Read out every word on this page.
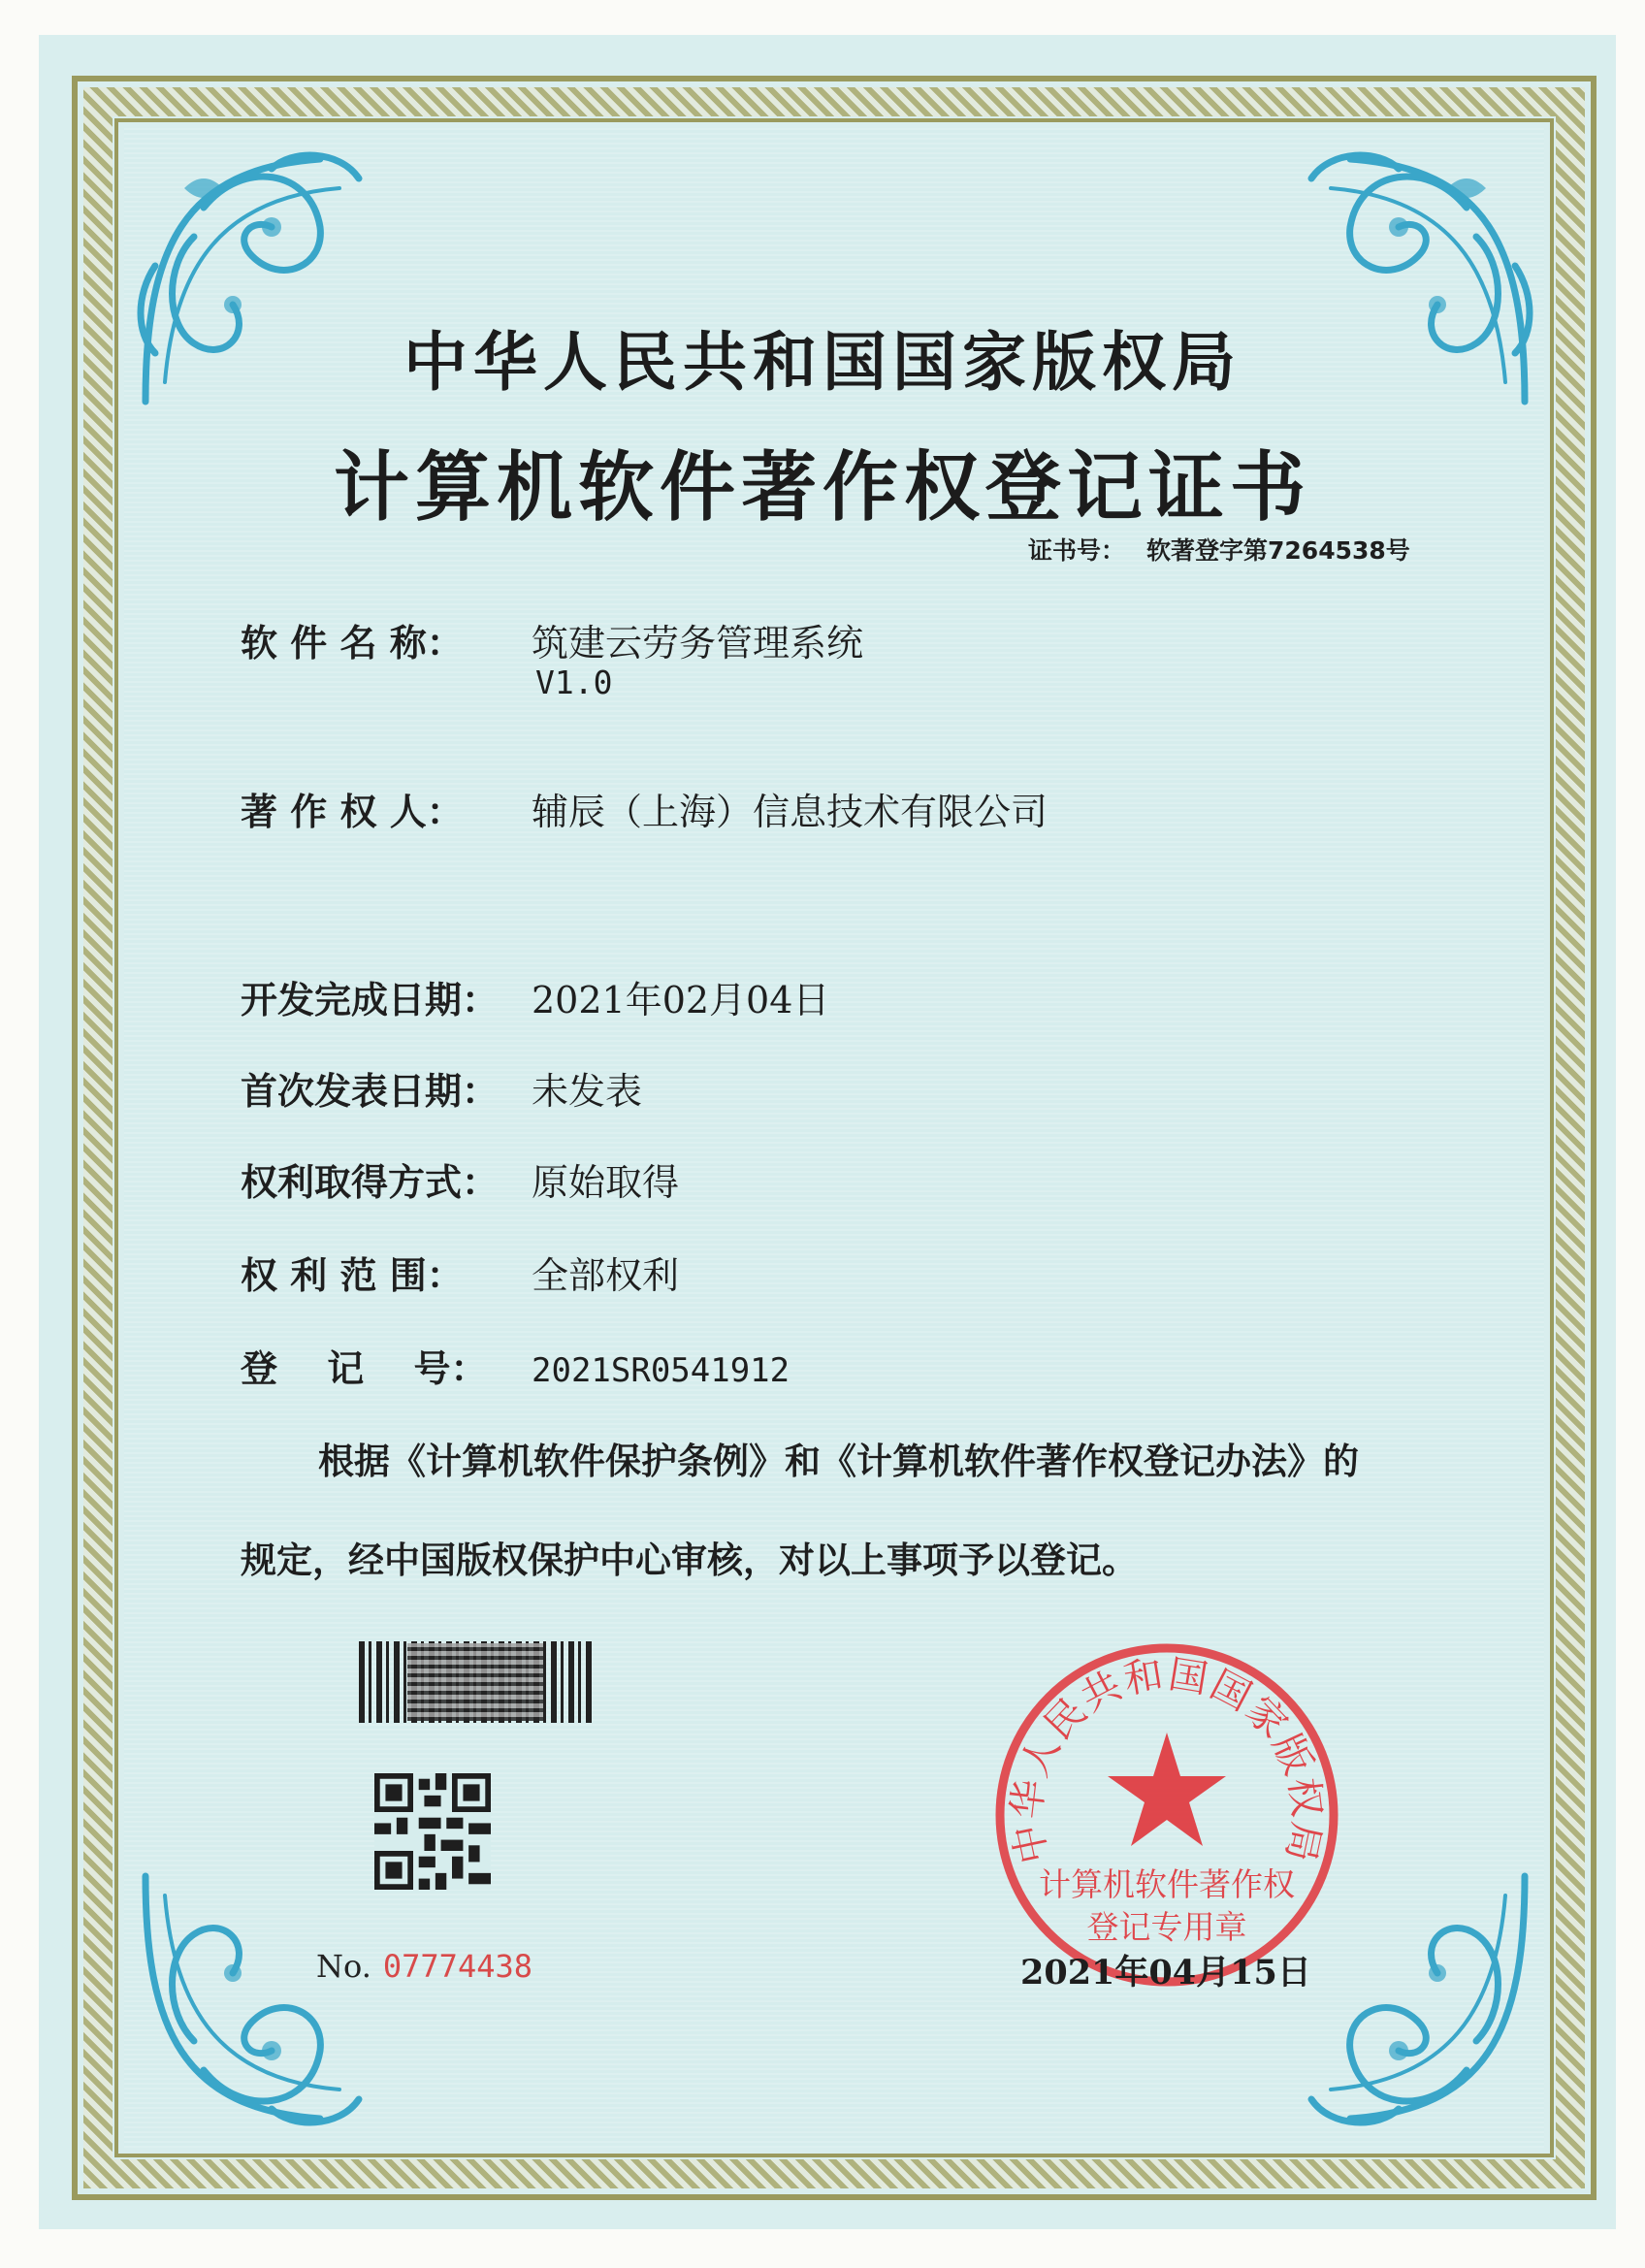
中华人民共和国国家版权局
计算机软件著作权登记证书
证书号： 软著登字第7264538号
软 件 名 称： 筑建云劳务管理系统
V1.0
著 作 权 人： 辅辰（上海）信息技术有限公司
开发完成日期： 2021年02月04日
首次发表日期： 未发表
权利取得方式： 原始取得
权 利 范 围： 全部权利
登　 记　 号： 2021SR0541912
根据《计算机软件保护条例》和《计算机软件著作权登记办法》的
规定，经中国版权保护中心审核，对以上事项予以登记。
No. 07774438
中华人民共和国国家版权局
计算机软件著作权
登记专用章
2021年04月15日
